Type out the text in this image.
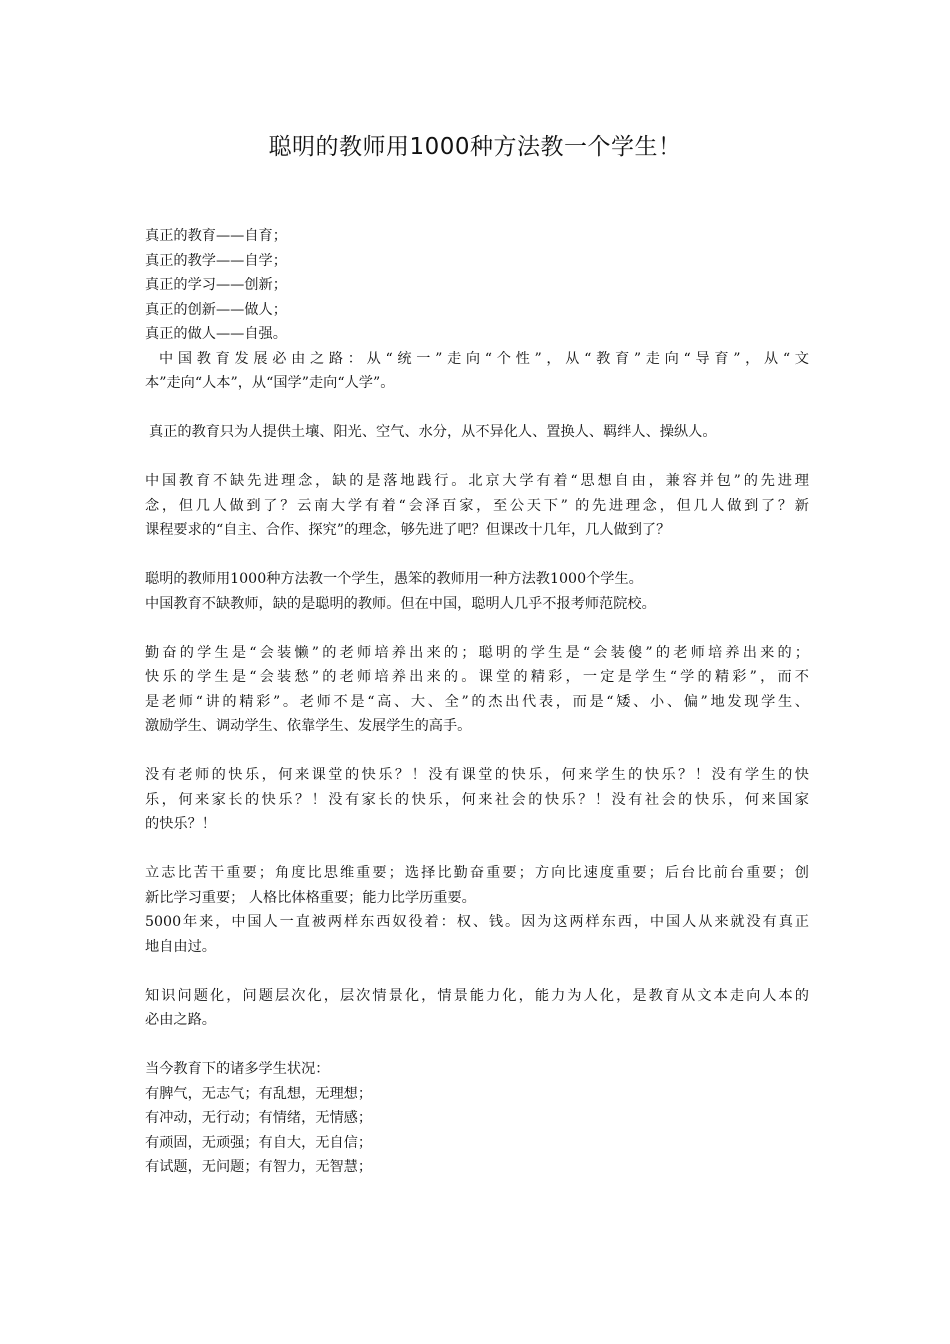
聪明的教师用1000种方法教一个学生！
真正的教育——自育；
真正的教学——自学；
真正的学习——创新；
真正的创新——做人；
真正的做人——自强。
中国教育发展必由之路：从“统一”走向“个性”，从“教育”走向“导育”，从“文
本”走向“人本”，从“国学”走向“人学”。
真正的教育只为人提供土壤、阳光、空气、水分，从不异化人、置换人、羁绊人、操纵人。
中国教育不缺先进理念，缺的是落地践行。北京大学有着“思想自由，兼容并包”的先进理
念，但几人做到了？云南大学有着“会泽百家，至公天下” 的先进理念，但几人做到了？新
课程要求的“自主、合作、探究”的理念，够先进了吧？但课改十几年，几人做到了？
聪明的教师用1000种方法教一个学生，愚笨的教师用一种方法教1000个学生。
中国教育不缺教师，缺的是聪明的教师。但在中国，聪明人几乎不报考师范院校。
勤奋的学生是“会装懒”的老师培养出来的；聪明的学生是“会装傻”的老师培养出来的；
快乐的学生是“会装愁”的老师培养出来的。课堂的精彩，一定是学生“学的精彩”，而不
是老师“讲的精彩”。老师不是“高、大、全”的杰出代表，而是“矮、小、偏”地发现学生、
激励学生、调动学生、依靠学生、发展学生的高手。
没有老师的快乐，何来课堂的快乐？！没有课堂的快乐，何来学生的快乐？！没有学生的快
乐，何来家长的快乐？！没有家长的快乐，何来社会的快乐？！没有社会的快乐，何来国家
的快乐？！
立志比苦干重要；角度比思维重要；选择比勤奋重要；方向比速度重要；后台比前台重要；创
新比学习重要； 人格比体格重要；能力比学历重要。
5000年来，中国人一直被两样东西奴役着：权、钱。因为这两样东西，中国人从来就没有真正
地自由过。
知识问题化，问题层次化，层次情景化，情景能力化，能力为人化，是教育从文本走向人本的
必由之路。
当今教育下的诸多学生状况：
有脾气，无志气；有乱想，无理想；
有冲动，无行动；有情绪，无情感；
有顽固，无顽强；有自大，无自信；
有试题，无问题；有智力，无智慧；
